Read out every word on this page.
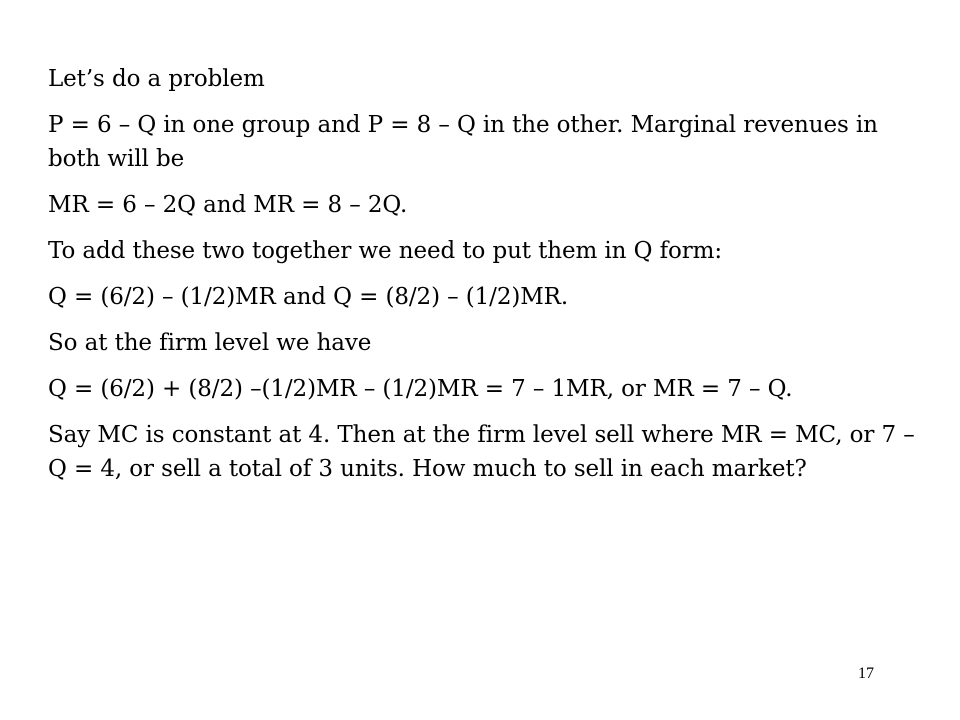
Let’s do a problem

P = 6 – Q in one group and P = 8 – Q in the other. Marginal revenues in both will be

MR = 6 – 2Q and MR = 8 – 2Q.

To add these two together we need to put them in Q form:

Q = (6/2) – (1/2)MR and Q = (8/2) – (1/2)MR.

So at the firm level we have

Q = (6/2) + (8/2) –(1/2)MR – (1/2)MR = 7 – 1MR, or MR = 7 – Q.

Say MC is constant at 4. Then at the firm level sell where MR = MC, or 7 – Q = 4, or sell a total of 3 units. How much to sell in each market?

17
